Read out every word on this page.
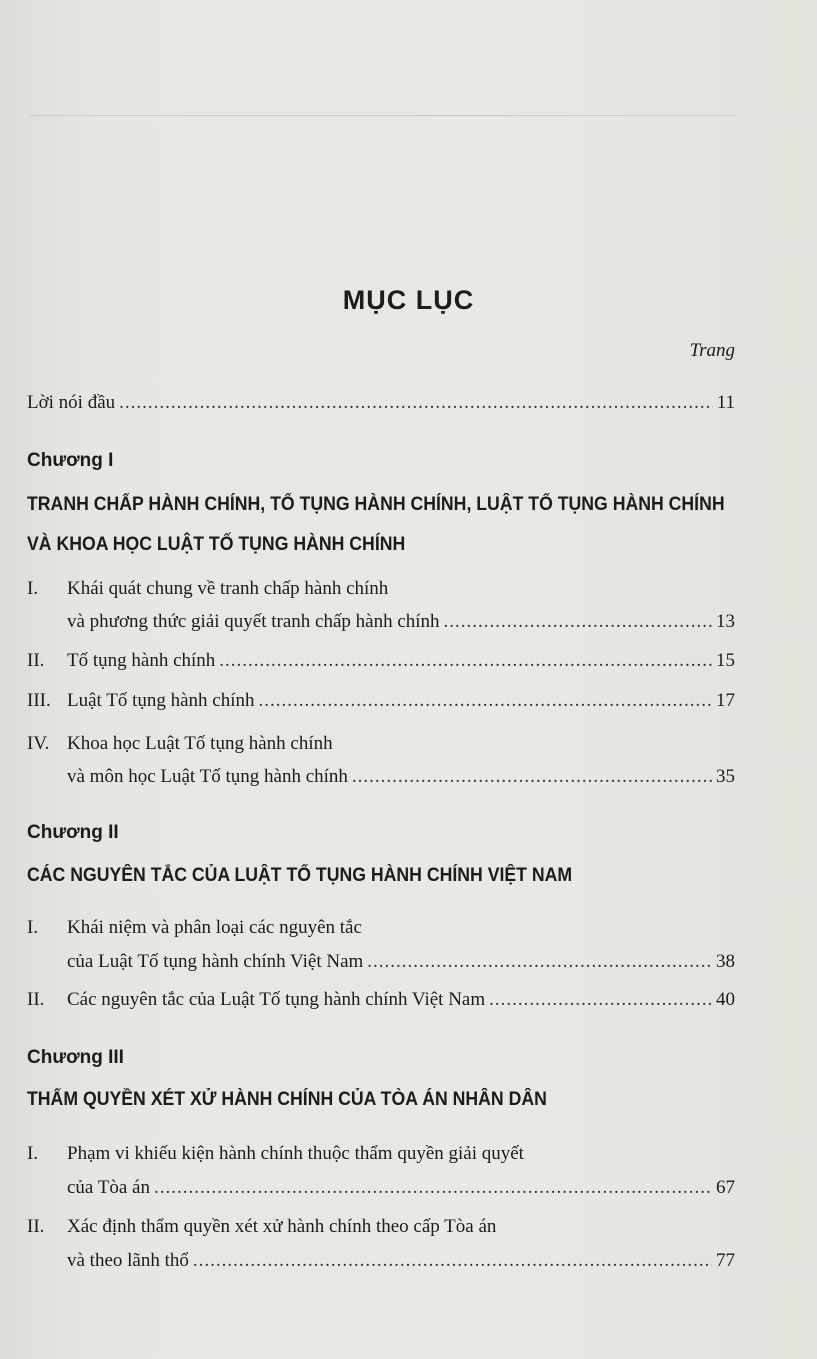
MỤC LỤC
Trang
Lời nói đầu .....	11
Chương I
TRANH CHẤP HÀNH CHÍNH, TỐ TỤNG HÀNH CHÍNH, LUẬT TỐ TỤNG HÀNH CHÍNH
VÀ KHOA HỌC LUẬT TỐ TỤNG HÀNH CHÍNH
I. Khái quát chung về tranh chấp hành chính
và phương thức giải quyết tranh chấp hành chính .....	13
II.	Tố tụng hành chính .....	15
III. Luật Tố tụng hành chính .....	17
IV. Khoa học Luật Tố tụng hành chính
và môn học Luật Tố tụng hành chính .....	35
Chương II
CÁC NGUYÊN TẮC CỦA LUẬT TỐ TỤNG HÀNH CHÍNH VIỆT NAM
I. Khái niệm và phân loại các nguyên tắc
của Luật Tố tụng hành chính Việt Nam .....	38
II.	Các nguyên tắc của Luật Tố tụng hành chính Việt Nam .....	40
Chương III
THẨM QUYỀN XÉT XỬ HÀNH CHÍNH CỦA TÒA ÁN NHÂN DÂN
I. Phạm vi khiếu kiện hành chính thuộc thẩm quyền giải quyết
của Tòa án .....	67
II. Xác định thẩm quyền xét xử hành chính theo cấp Tòa án
và theo lãnh thổ .....	77
